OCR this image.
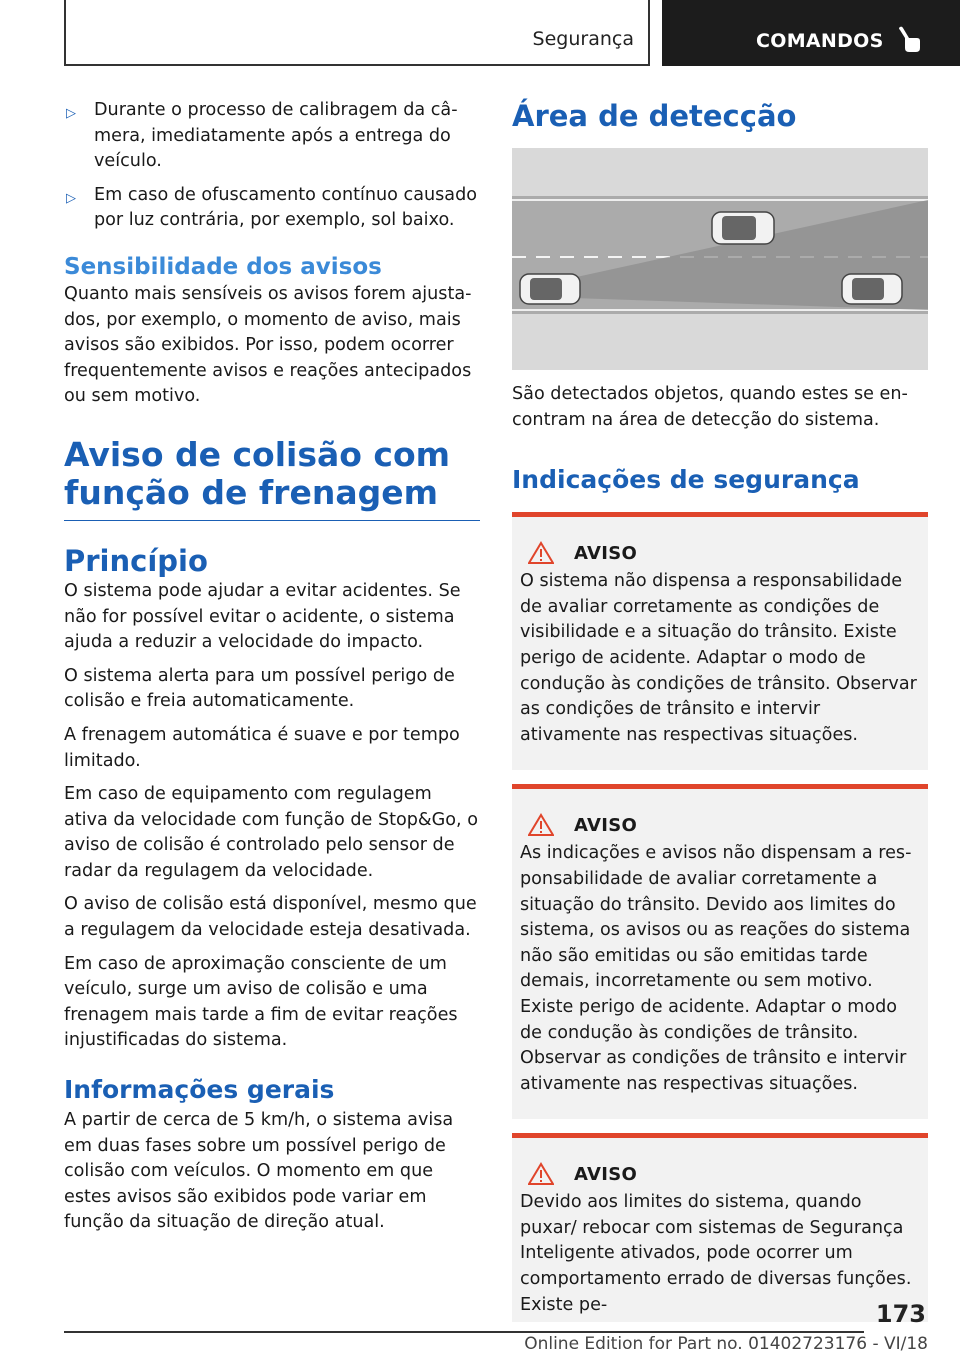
Segurança	COMANDOS
▷ Durante o processo de calibragem da câmera, imediatamente após a entrega do veículo.
▷ Em caso de ofuscamento contínuo causado por luz contrária, por exemplo, sol baixo.
Sensibilidade dos avisos

Quanto mais sensíveis os avisos forem ajustados, por exemplo, o momento de aviso, mais avisos são exibidos. Por isso, podem ocorrer frequentemente avisos e reações antecipados ou sem motivo.

Aviso de colisão com função de frenagem
Princípio

O sistema pode ajudar a evitar acidentes. Se não for possível evitar o acidente, o sistema ajuda a reduzir a velocidade do impacto.

O sistema alerta para um possível perigo de colisão e freia automaticamente.

A frenagem automática é suave e por tempo limitado.

Em caso de equipamento com regulagem ativa da velocidade com função de Stop&Go, o aviso de colisão é controlado pelo sensor de radar da regulagem da velocidade.

O aviso de colisão está disponível, mesmo que a regulagem da velocidade esteja desativada.

Em caso de aproximação consciente de um veículo, surge um aviso de colisão e uma frenagem mais tarde a fim de evitar reações injustificadas do sistema.

Informações gerais

A partir de cerca de 5 km/h, o sistema avisa em duas fases sobre um possível perigo de colisão com veículos. O momento em que estes avisos são exibidos pode variar em função da situação de direção atual.

Área de detecção

São detectados objetos, quando estes se encontram na área de detecção do sistema.

Indicações de segurança
AVISO

O sistema não dispensa a responsabilidade de avaliar corretamente as condições de visibilidade e a situação do trânsito. Existe perigo de acidente. Adaptar o modo de condução às condições de trânsito. Observar as condições de trânsito e intervir ativamente nas respectivas situações.

AVISO

As indicações e avisos não dispensam a responsabilidade de avaliar corretamente a situação do trânsito. Devido aos limites do sistema, os avisos ou as reações do sistema não são emitidas ou são emitidas tarde demais, incorretamente ou sem motivo. Existe perigo de acidente. Adaptar o modo de condução às condições de trânsito. Observar as condições de trânsito e intervir ativamente nas respectivas situações.

AVISO

Devido aos limites do sistema, quando puxar/ rebocar com sistemas de Segurança Inteligente ativados, pode ocorrer um comportamento errado de diversas funções. Existe pe-	173
Online Edition for Part no. 01402723176 - VI/18
